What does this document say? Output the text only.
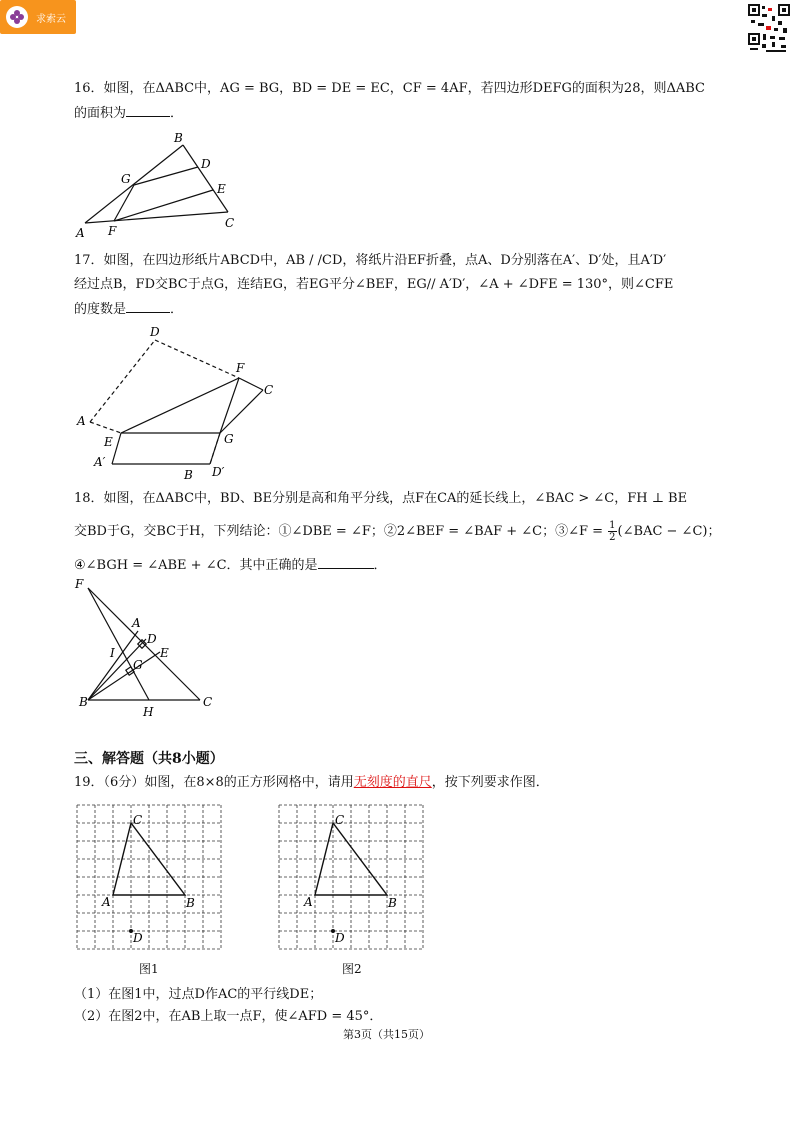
求索云
16．如图，在ΔABC中，AG = BG，BD = DE = EC，CF = 4AF，若四边形DEFG的面积为28，则ΔABC
的面积为	．
B
D
G
E
C
A F
17．如图，在四边形纸片ABCD中，AB / /CD，将纸片沿EF折叠，点A、D分别落在A′、D′处，且A′D′
经过点B，FD交BC于点G，连结EG，若EG平分∠BEF，EG// A′D′，∠A + ∠DFE = 130°，则∠CFE
的度数是	．
D
F
C
A
E	G
A′
B D′
18．如图，在ΔABC中，BD、BE分别是高和角平分线，点F在CA的延长线上，∠BAC > ∠C，FH ⊥ BE
交BD于G，交BC于H，下列结论：①∠DBE = ∠F；②2∠BEF = ∠BAF + ∠C；③∠F = $\frac{1}{2}$ (∠BAC − ∠C)；
④∠BGH = ∠ABE + ∠C．其中正确的是	．
F
A
D
I	E
G
B	C
H
三、解答题（共8小题）
19．（6分）如图，在8×8的正方形网格中，请用无刻度的直尺，按下列要求作图．
C
A	B
D
C
A	B
D
图1	图2
（1）在图1中，过点D作AC的平行线DE；
（2）在图2中，在AB上取一点F，使∠AFD = 45°．
第3页（共15页）
